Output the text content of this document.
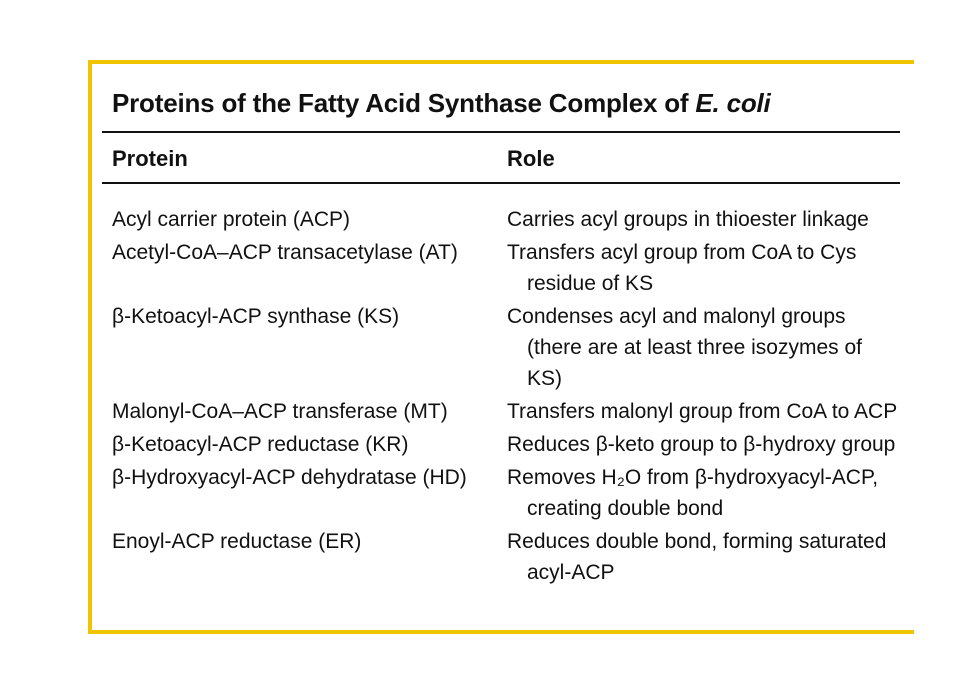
Proteins of the Fatty Acid Synthase Complex of E. coli
Protein	Role
Acyl carrier protein (ACP)	Carries acyl groups in thioester linkage
Acetyl-CoA–ACP transacetylase (AT)	Transfers acyl group from CoA to Cys
residue of KS
β-Ketoacyl-ACP synthase (KS)	Condenses acyl and malonyl groups
(there are at least three isozymes of KS)
Malonyl-CoA–ACP transferase (MT)	Transfers malonyl group from CoA to ACP
β-Ketoacyl-ACP reductase (KR)	Reduces β-keto group to β-hydroxy group
β-Hydroxyacyl-ACP dehydratase (HD)	Removes H₂O from β-hydroxyacyl-ACP,
creating double bond
Enoyl-ACP reductase (ER)	Reduces double bond, forming saturated
acyl-ACP
